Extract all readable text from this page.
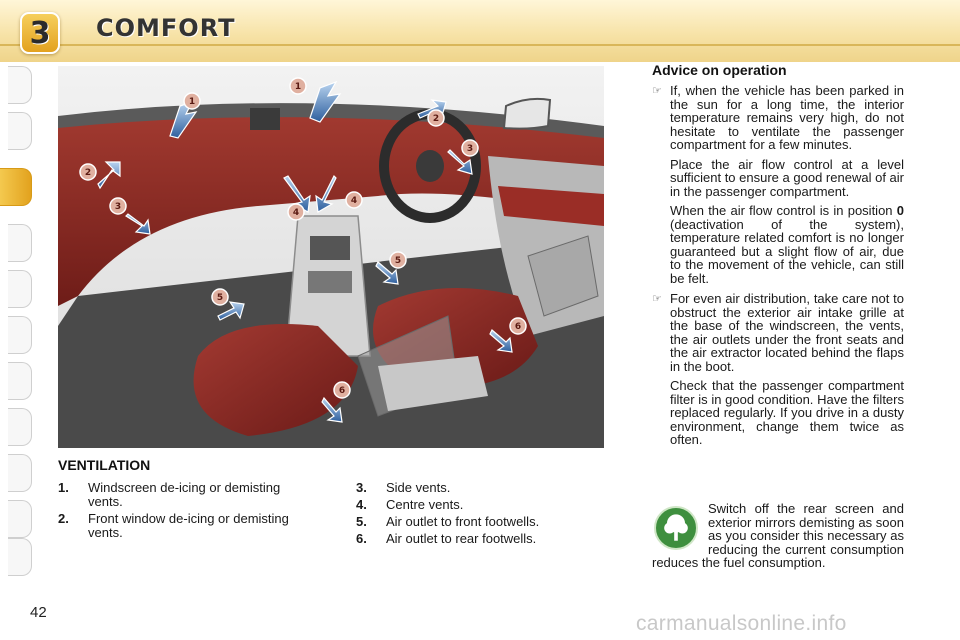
3 COMFORT
1
1
2
2
3
3
4
4
5
5
6
6
VENTILATION
1.	Windscreen de-icing or demisting vents.
2.	Front window de-icing or demisting vents.
3.	Side vents.
4.	Centre vents.
5.	Air outlet to front footwells.
6.	Air outlet to rear footwells.
Advice on operation
☞ If, when the vehicle has been parked in the sun for a long time, the interior temperature remains very high, do not hesitate to ventilate the passenger compartment for a few minutes.

Place the air flow control at a level sufficient to ensure a good renewal of air in the passenger compartment.

When the air flow control is in position 0 (deactivation of the system), temperature related comfort is no longer guaranteed but a slight flow of air, due to the movement of the vehicle, can still be felt.

☞ For even air distribution, take care not to obstruct the exterior air intake grille at the base of the windscreen, the vents, the air outlets under the front seats and the air extractor located behind the flaps in the boot.

Check that the passenger compartment filter is in good condition. Have the filters replaced regularly. If you drive in a dusty environment, change them twice as often.

Switch off the rear screen and exterior mirrors demisting as soon as you consider this necessary as reducing the current consumption reduces the fuel consumption.
42	carmanualsonline.info
